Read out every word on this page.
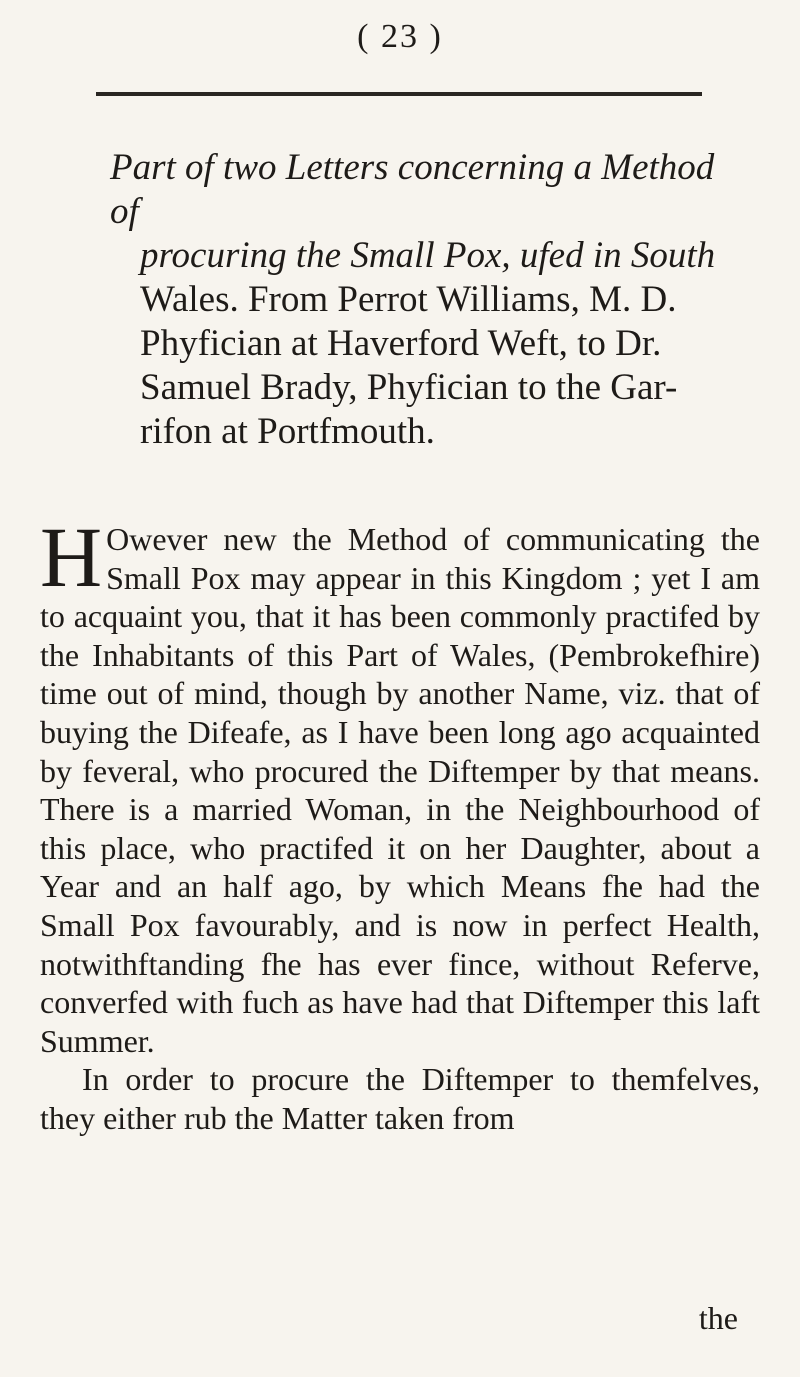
( 23 )
Part of two Letters concerning a Method of
procuring the Small Pox, ufed in South
Wales. From Perrot Williams, M. D.
Phyfician at Haverford Weft, to Dr.
Samuel Brady, Phyfician to the Gar-
rifon at Portfmouth.

H Owever new the Method of communicating the Small Pox may appear in this Kingdom ; yet I am to acquaint you, that it has been commonly practifed by the Inhabitants of this Part of Wales, (Pembrokefhire) time out of mind, though by another Name, viz. that of buying the Difeafe, as I have been long ago acquainted by feveral, who procured the Diftemper by that means. There is a married Woman, in the Neighbourhood of this place, who practifed it on her Daughter, about a Year and an half ago, by which Means fhe had the Small Pox favourably, and is now in perfect Health, notwithftanding fhe has ever fince, without Referve, converfed with fuch as have had that Diftemper this laft Summer.

In order to procure the Diftemper to themfelves, they either rub the Matter taken from

the
